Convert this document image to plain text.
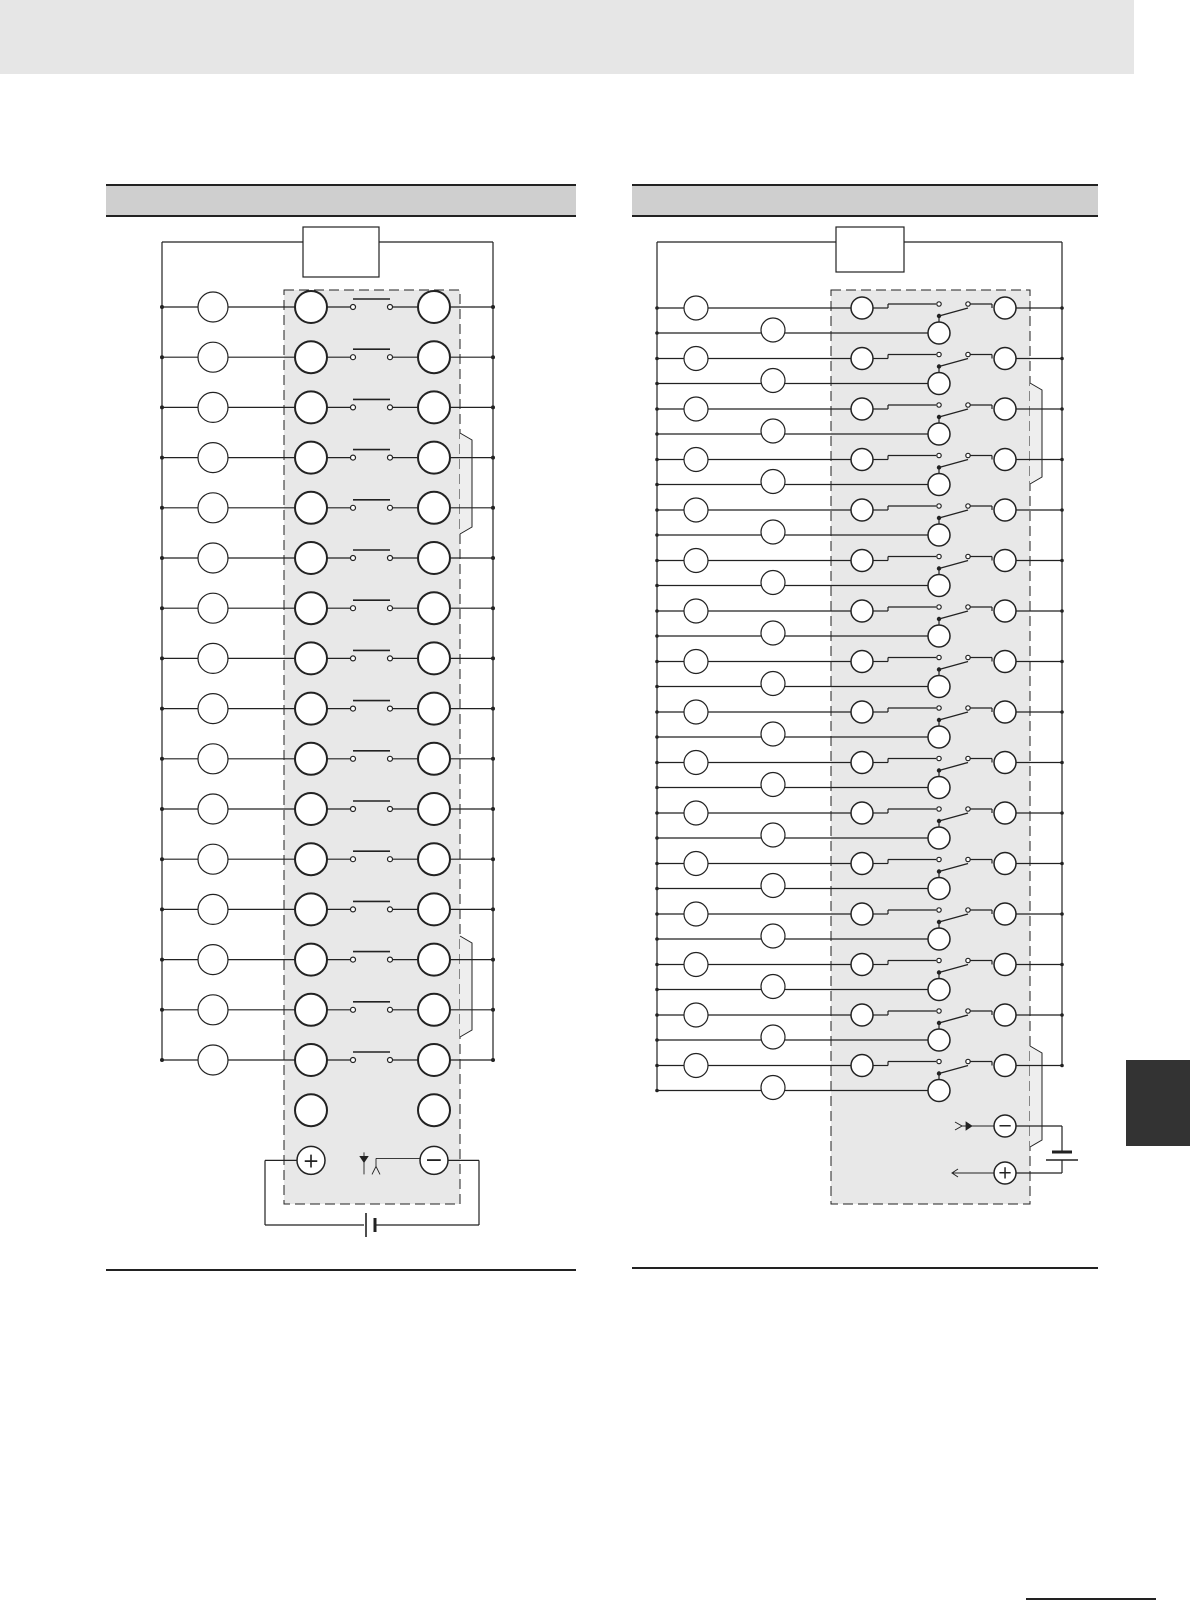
+	−
−
+
